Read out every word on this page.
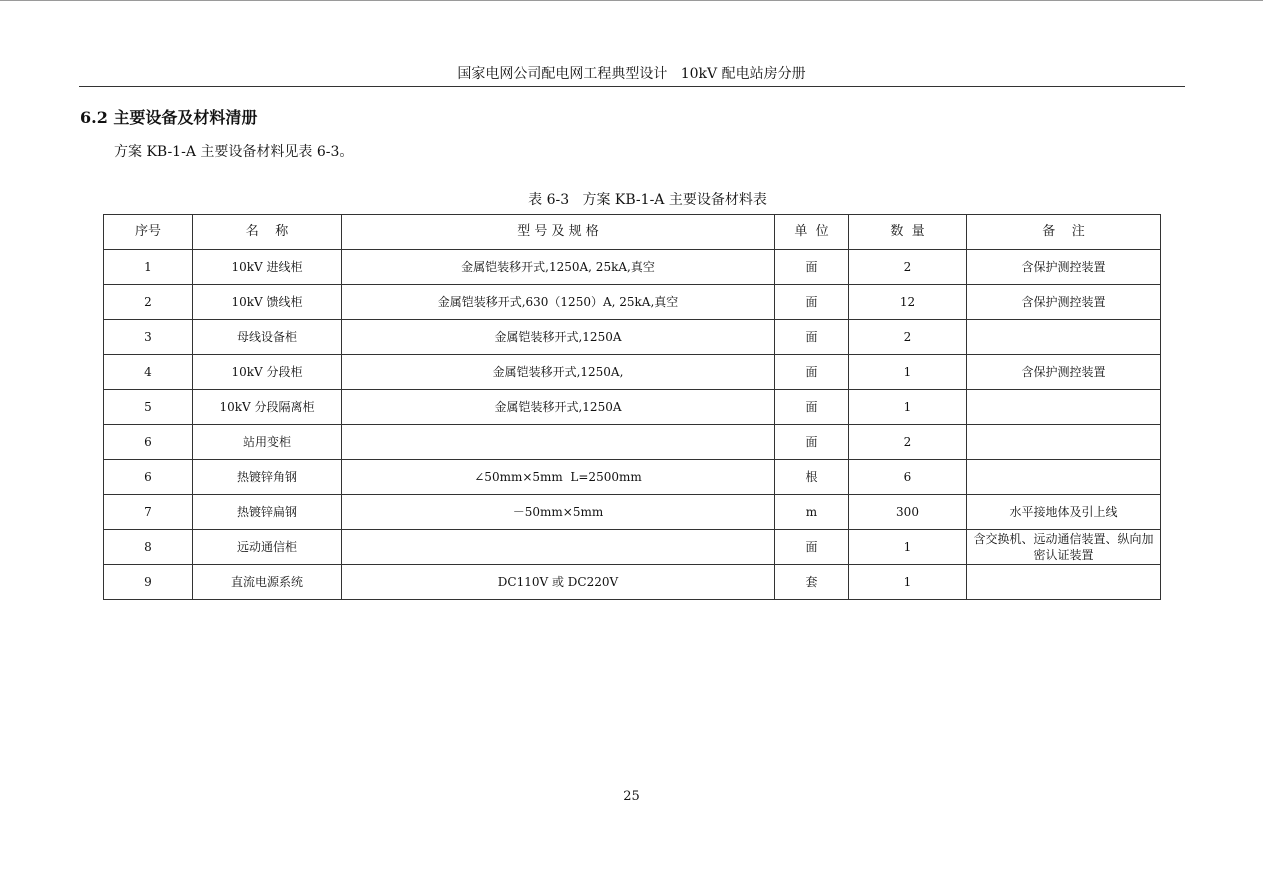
国家电网公司配电网工程典型设计   10kV 配电站房分册
6.2 主要设备及材料清册
方案 KB-1-A 主要设备材料见表 6-3。
表 6-3   方案 KB-1-A 主要设备材料表
序号	名    称	型 号 及 规 格	单  位	数  量	备    注
1	10kV 进线柜	金属铠装移开式,1250A, 25kA,真空	面	2	含保护测控装置
2	10kV 馈线柜	金属铠装移开式,630（1250）A, 25kA,真空	面	12	含保护测控装置
3	母线设备柜	金属铠装移开式,1250A	面	2	
4	10kV 分段柜	金属铠装移开式,1250A,	面	1	含保护测控装置
5	10kV 分段隔离柜	金属铠装移开式,1250A	面	1	
6	站用变柜		面	2	
6	热镀锌角钢	∠50mm×5mm  L=2500mm	根	6	
7	热镀锌扁钢	－50mm×5mm	m	300	水平接地体及引上线
8	远动通信柜		面	1	含交换机、远动通信装置、纵向加密认证装置
9	直流电源系统	DC110V 或 DC220V	套	1	
25
